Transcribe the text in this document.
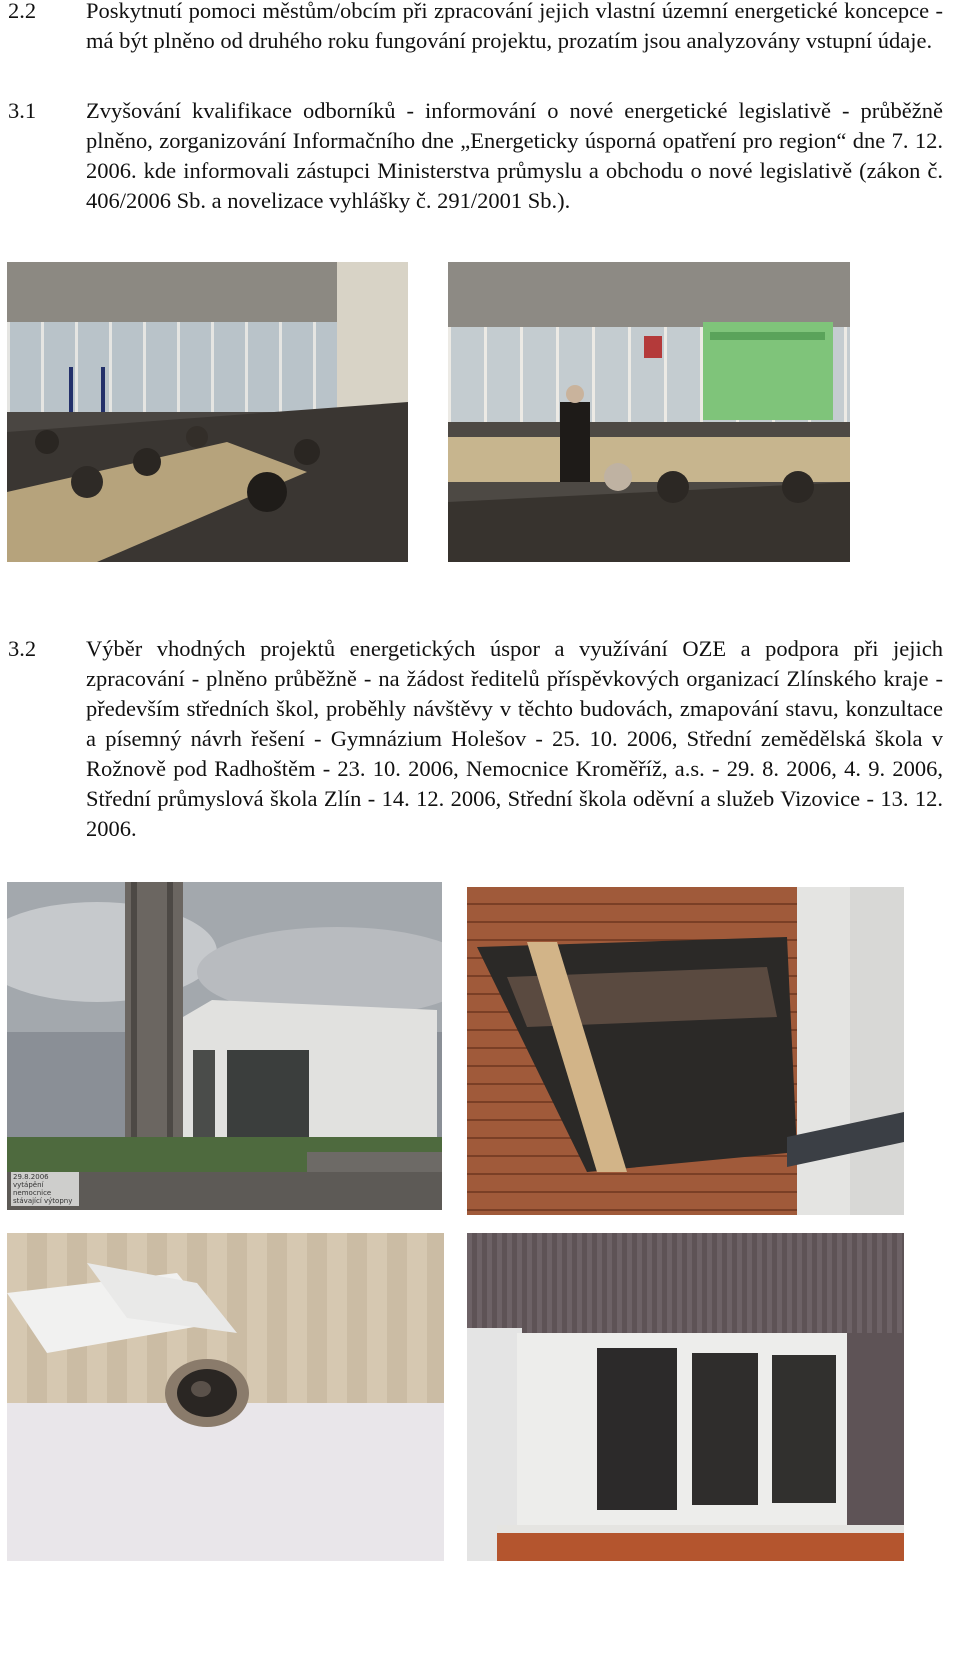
2.2	Poskytnutí pomoci městům/obcím při zpracování jejich vlastní územní energetické koncepce - má být plněno od druhého roku fungování projektu, prozatím jsou analyzovány vstupní údaje.
3.1	Zvyšování kvalifikace odborníků - informování o nové energetické legislativě - průběžně plněno, zorganizování Informačního dne „Energeticky úsporná opatření pro region“ dne 7. 12. 2006. kde informovali zástupci Ministerstva průmyslu a obchodu o nové legislativě (zákon č. 406/2006 Sb. a novelizace vyhlášky č. 291/2001 Sb.).
3.2	Výběr vhodných projektů energetických úspor a využívání OZE a podpora při jejich zpracování - plněno průběžně - na žádost ředitelů příspěvkových organizací Zlínského kraje - především středních škol, proběhly návštěvy v těchto budovách, zmapování stavu, konzultace a písemný návrh řešení - Gymnázium Holešov - 25. 10. 2006, Střední zemědělská škola v Rožnově pod Radhoštěm - 23. 10. 2006, Nemocnice Kroměříž, a.s. - 29. 8. 2006, 4. 9. 2006, Střední průmyslová škola Zlín - 14. 12. 2006, Střední škola oděvní a služeb Vizovice - 13. 12. 2006.
29.8.2006
vytápění nemocnice
stávající výtopny
